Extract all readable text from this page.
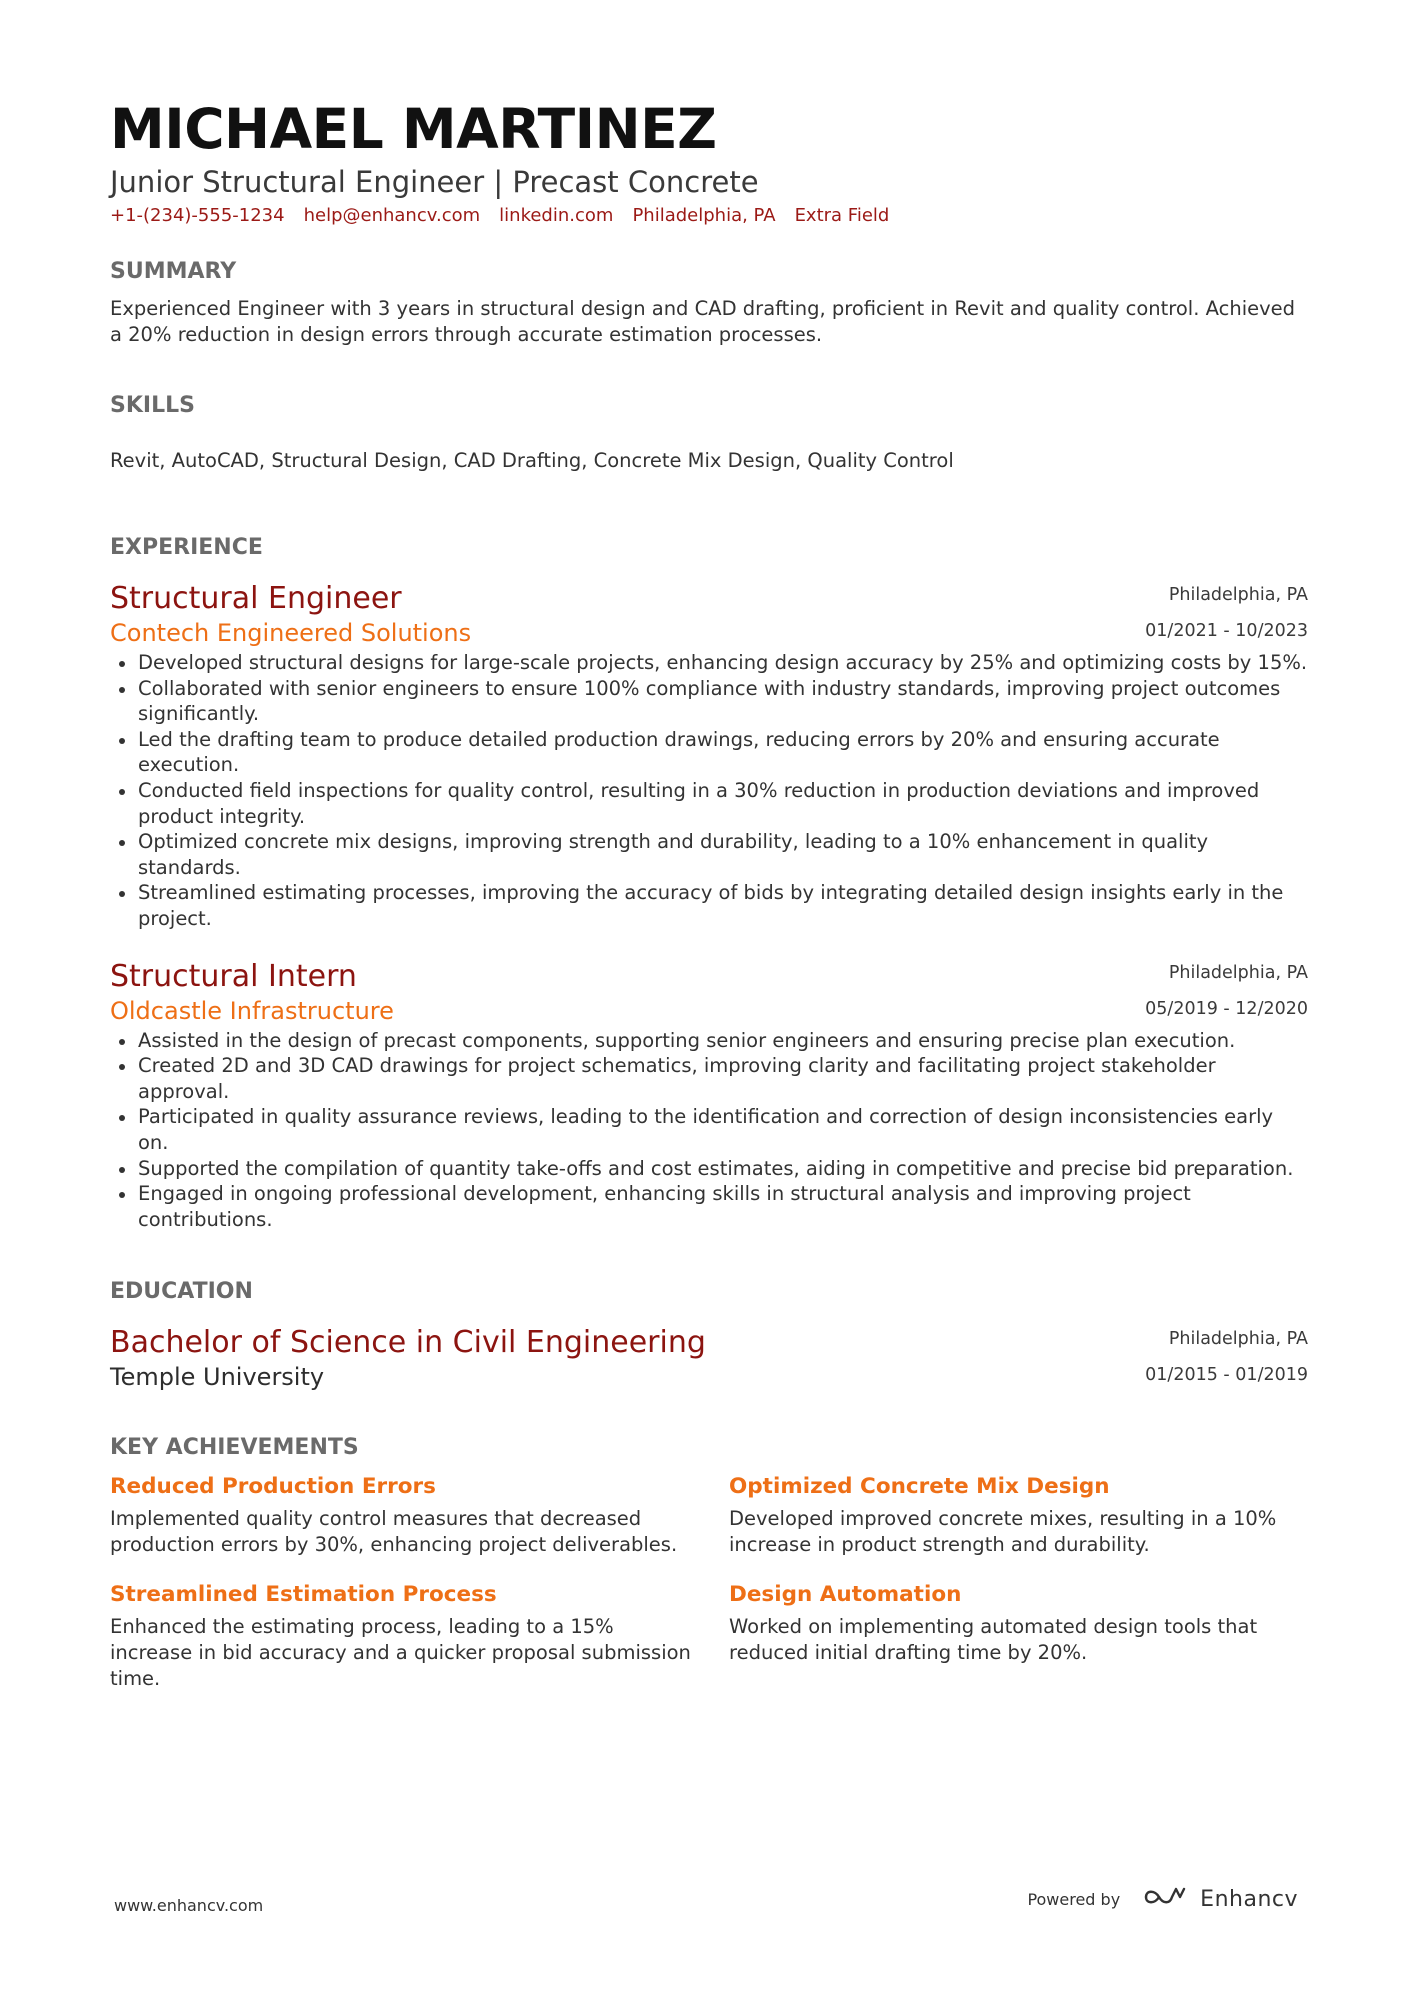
MICHAEL MARTINEZ
Junior Structural Engineer | Precast Concrete
+1-(234)-555-1234 help@enhancv.com linkedin.com Philadelphia, PA Extra Field
SUMMARY
Experienced Engineer with 3 years in structural design and CAD drafting, proficient in Revit and quality control. Achieved a 20% reduction in design errors through accurate estimation processes.
SKILLS
Revit, AutoCAD, Structural Design, CAD Drafting, Concrete Mix Design, Quality Control
EXPERIENCE
Structural Engineer
Contech Engineered Solutions
Philadelphia, PA
01/2021 - 10/2023
Developed structural designs for large-scale projects, enhancing design accuracy by 25% and optimizing costs by 15%.
Collaborated with senior engineers to ensure 100% compliance with industry standards, improving project outcomes significantly.
Led the drafting team to produce detailed production drawings, reducing errors by 20% and ensuring accurate execution.
Conducted field inspections for quality control, resulting in a 30% reduction in production deviations and improved product integrity.
Optimized concrete mix designs, improving strength and durability, leading to a 10% enhancement in quality standards.
Streamlined estimating processes, improving the accuracy of bids by integrating detailed design insights early in the project.
Structural Intern
Oldcastle Infrastructure
Philadelphia, PA
05/2019 - 12/2020
Assisted in the design of precast components, supporting senior engineers and ensuring precise plan execution.
Created 2D and 3D CAD drawings for project schematics, improving clarity and facilitating project stakeholder approval.
Participated in quality assurance reviews, leading to the identification and correction of design inconsistencies early on.
Supported the compilation of quantity take-offs and cost estimates, aiding in competitive and precise bid preparation.
Engaged in ongoing professional development, enhancing skills in structural analysis and improving project contributions.
EDUCATION
Bachelor of Science in Civil Engineering
Temple University
Philadelphia, PA
01/2015 - 01/2019
KEY ACHIEVEMENTS
Reduced Production Errors
Implemented quality control measures that decreased production errors by 30%, enhancing project deliverables.
Optimized Concrete Mix Design
Developed improved concrete mixes, resulting in a 10% increase in product strength and durability.
Streamlined Estimation Process
Enhanced the estimating process, leading to a 15% increase in bid accuracy and a quicker proposal submission time.
Design Automation
Worked on implementing automated design tools that reduced initial drafting time by 20%.
www.enhancv.com	Powered by	Enhancv
